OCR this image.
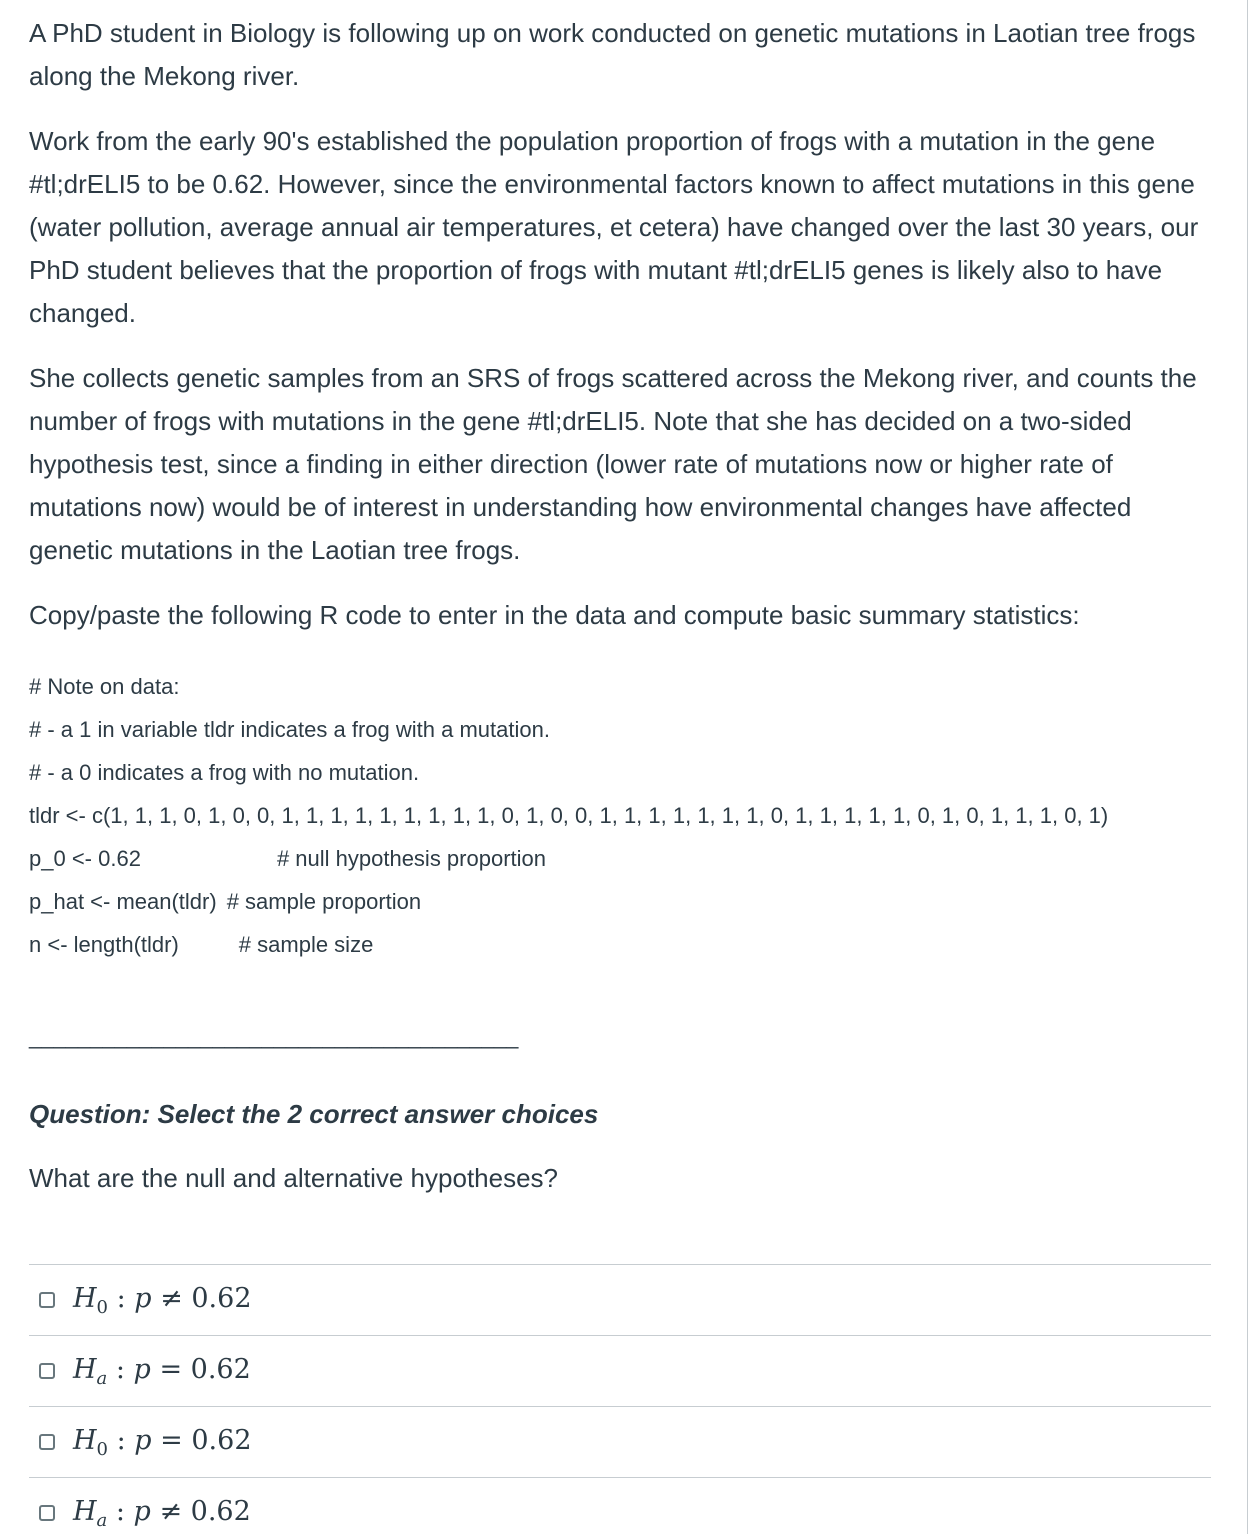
A PhD student in Biology is following up on work conducted on genetic mutations in Laotian tree frogs along the Mekong river.

Work from the early 90's established the population proportion of frogs with a mutation in the gene #tl;drELI5 to be 0.62. However, since the environmental factors known to affect mutations in this gene (water pollution, average annual air temperatures, et cetera) have changed over the last 30 years, our PhD student believes that the proportion of frogs with mutant #tl;drELI5 genes is likely also to have changed.

She collects genetic samples from an SRS of frogs scattered across the Mekong river, and counts the number of frogs with mutations in the gene #tl;drELI5. Note that she has decided on a two-sided hypothesis test, since a finding in either direction (lower rate of mutations now or higher rate of mutations now) would be of interest in understanding how environmental changes have affected genetic mutations in the Laotian tree frogs.

Copy/paste the following R code to enter in the data and compute basic summary statistics:

# Note on data:
# - a 1 in variable tldr indicates a frog with a mutation.
# - a 0 indicates a frog with no mutation.
tldr <- c(1, 1, 1, 0, 1, 0, 0, 1, 1, 1, 1, 1, 1, 1, 1, 1, 0, 1, 0, 0, 1, 1, 1, 1, 1, 1, 1, 0, 1, 1, 1, 1, 1, 0, 1, 0, 1, 1, 1, 0, 1)
p_0 <- 0.62	# null hypothesis proportion
p_hat <- mean(tldr) # sample proportion
n <- length(tldr)	# sample size
________________________________________
Question: Select the 2 correct answer choices
What are the null and alternative hypotheses?
$H_0$ : p ≠ 0.62
$H_a$ : p = 0.62
$H_0$ : p = 0.62
$H_a$ : p ≠ 0.62
